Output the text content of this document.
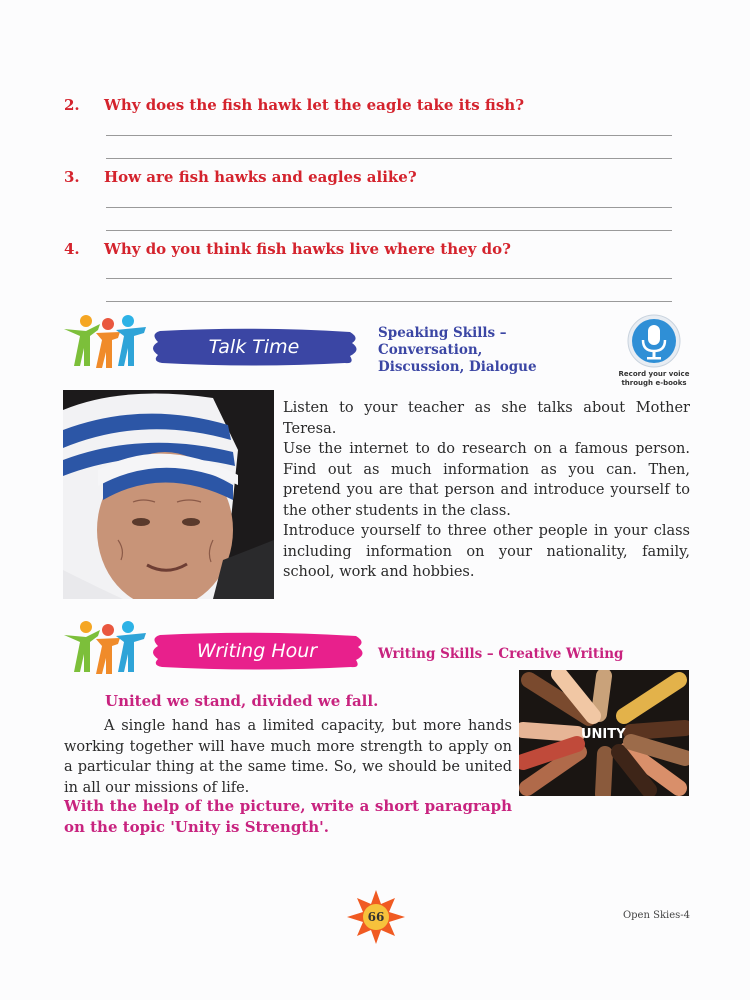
2. Why does the fish hawk let the eagle take its fish?
3. How are fish hawks and eagles alike?
4. Why do you think fish hawks live where they do?
Talk Time
Speaking Skills –
Conversation,
Discussion, Dialogue	Record your voice
through e-books

Listen to your teacher as she talks about Mother Teresa.

Use the internet to do research on a famous person. Find out as much information as you can. Then, pretend you are that person and introduce yourself to the other students in the class.

Introduce yourself to three other people in your class including information on your nationality, family, school, work and hobbies.

Writing Hour	Writing Skills – Creative Writing
United we stand, divided we fall.
A single hand has a limited capacity, but more hands working together will have much more strength to apply on a particular thing at the same time. So, we should be united in all our missions of life.
UNITY
With the help of the picture, write a short paragraph on the topic 'Unity is Strength'.
66	Open Skies-4
